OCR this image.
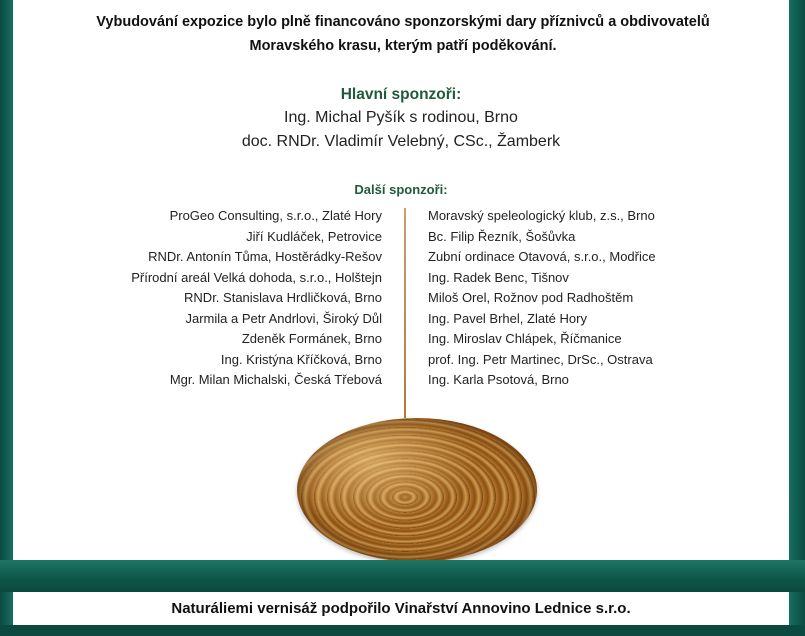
Vybudování expozice bylo plně financováno sponzorskými dary příznivců a obdivovatelů
Moravského krasu, kterým patří poděkování.
Hlavní sponzoři:
Ing. Michal Pyšík s rodinou, Brno
doc. RNDr. Vladimír Velebný, CSc., Žamberk
Další sponzoři:
ProGeo Consulting, s.r.o., Zlaté Hory
Jiří Kudláček, Petrovice
RNDr. Antonín Tůma, Hostěrádky-Rešov
Přírodní areál Velká dohoda, s.r.o., Holštejn
RNDr. Stanislava Hrdličková, Brno
Jarmila a Petr Andrlovi, Široký Důl
Zdeněk Formánek, Brno
Ing. Kristýna Kříčková, Brno
Mgr. Milan Michalski, Česká Třebová
Moravský speleologický klub, z.s., Brno
Bc. Filip Řezník, Šošůvka
Zubní ordinace Otavová, s.r.o., Modřice
Ing. Radek Benc, Tišnov
Miloš Orel, Rožnov pod Radhoštěm
Ing. Pavel Brhel, Zlaté Hory
Ing. Miroslav Chlápek, Říčmanice
prof. Ing. Petr Martinec, DrSc., Ostrava
Ing. Karla Psotová, Brno
Naturáliemi vernisáž podpořilo Vinařství Annovino Lednice s.r.o.
